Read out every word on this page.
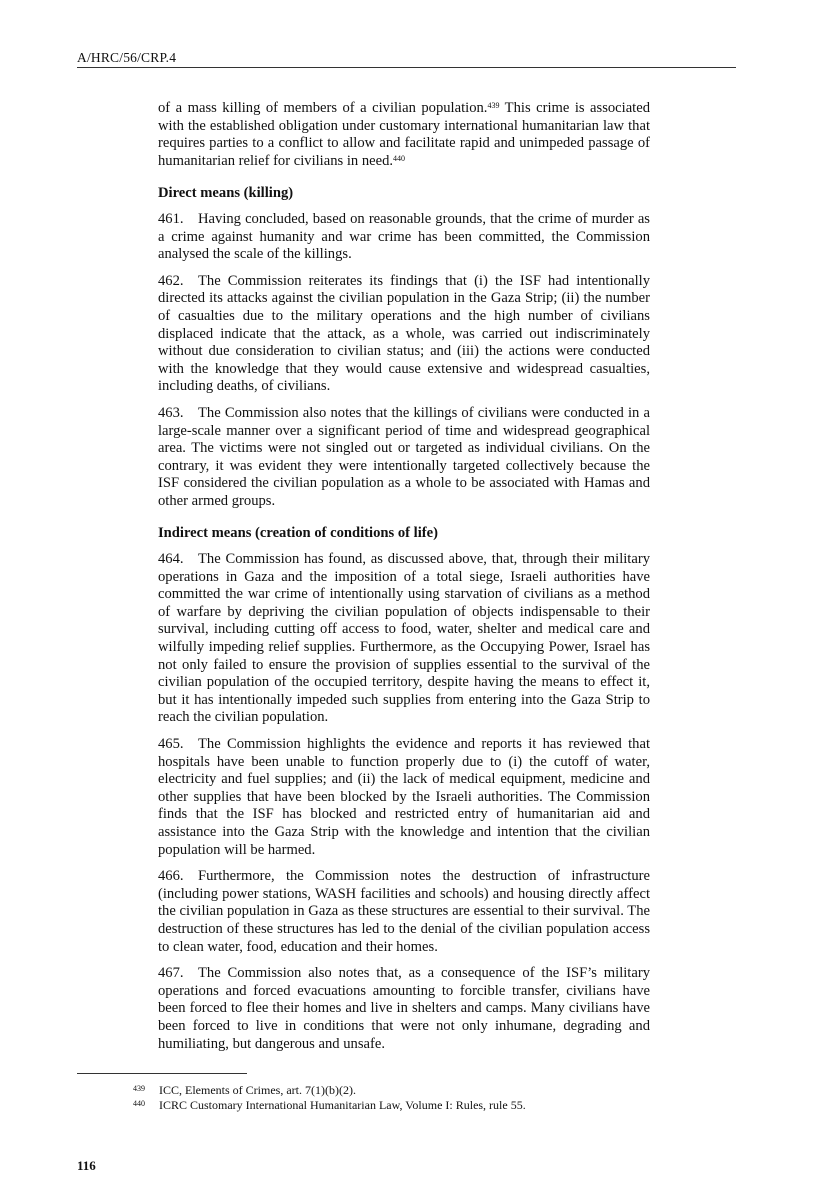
A/HRC/56/CRP.4

of a mass killing of members of a civilian population.$^{439}$ This crime is associated with the established obligation under customary international humanitarian law that requires parties to a conflict to allow and facilitate rapid and unimpeded passage of humanitarian relief for civilians in need.$^{440}$

Direct means (killing)

461. Having concluded, based on reasonable grounds, that the crime of murder as a crime against humanity and war crime has been committed, the Commission analysed the scale of the killings.

462. The Commission reiterates its findings that (i) the ISF had intentionally directed its attacks against the civilian population in the Gaza Strip; (ii) the number of casualties due to the military operations and the high number of civilians displaced indicate that the attack, as a whole, was carried out indiscriminately without due consideration to civilian status; and (iii) the actions were conducted with the knowledge that they would cause extensive and widespread casualties, including deaths, of civilians.

463. The Commission also notes that the killings of civilians were conducted in a large-scale manner over a significant period of time and widespread geographical area. The victims were not singled out or targeted as individual civilians. On the contrary, it was evident they were intentionally targeted collectively because the ISF considered the civilian population as a whole to be associated with Hamas and other armed groups.

Indirect means (creation of conditions of life)

464. The Commission has found, as discussed above, that, through their military operations in Gaza and the imposition of a total siege, Israeli authorities have committed the war crime of intentionally using starvation of civilians as a method of warfare by depriving the civilian population of objects indispensable to their survival, including cutting off access to food, water, shelter and medical care and wilfully impeding relief supplies. Furthermore, as the Occupying Power, Israel has not only failed to ensure the provision of supplies essential to the survival of the civilian population of the occupied territory, despite having the means to effect it, but it has intentionally impeded such supplies from entering into the Gaza Strip to reach the civilian population.

465. The Commission highlights the evidence and reports it has reviewed that hospitals have been unable to function properly due to (i) the cutoff of water, electricity and fuel supplies; and (ii) the lack of medical equipment, medicine and other supplies that have been blocked by the Israeli authorities. The Commission finds that the ISF has blocked and restricted entry of humanitarian aid and assistance into the Gaza Strip with the knowledge and intention that the civilian population will be harmed.

466. Furthermore, the Commission notes the destruction of infrastructure (including power stations, WASH facilities and schools) and housing directly affect the civilian population in Gaza as these structures are essential to their survival. The destruction of these structures has led to the denial of the civilian population access to clean water, food, education and their homes.

467. The Commission also notes that, as a consequence of the ISF’s military operations and forced evacuations amounting to forcible transfer, civilians have been forced to flee their homes and live in shelters and camps. Many civilians have been forced to live in conditions that were not only inhumane, degrading and humiliating, but dangerous and unsafe.

439	ICC, Elements of Crimes, art. 7(1)(b)(2).
440	ICRC Customary International Humanitarian Law, Volume I: Rules, rule 55.
116
